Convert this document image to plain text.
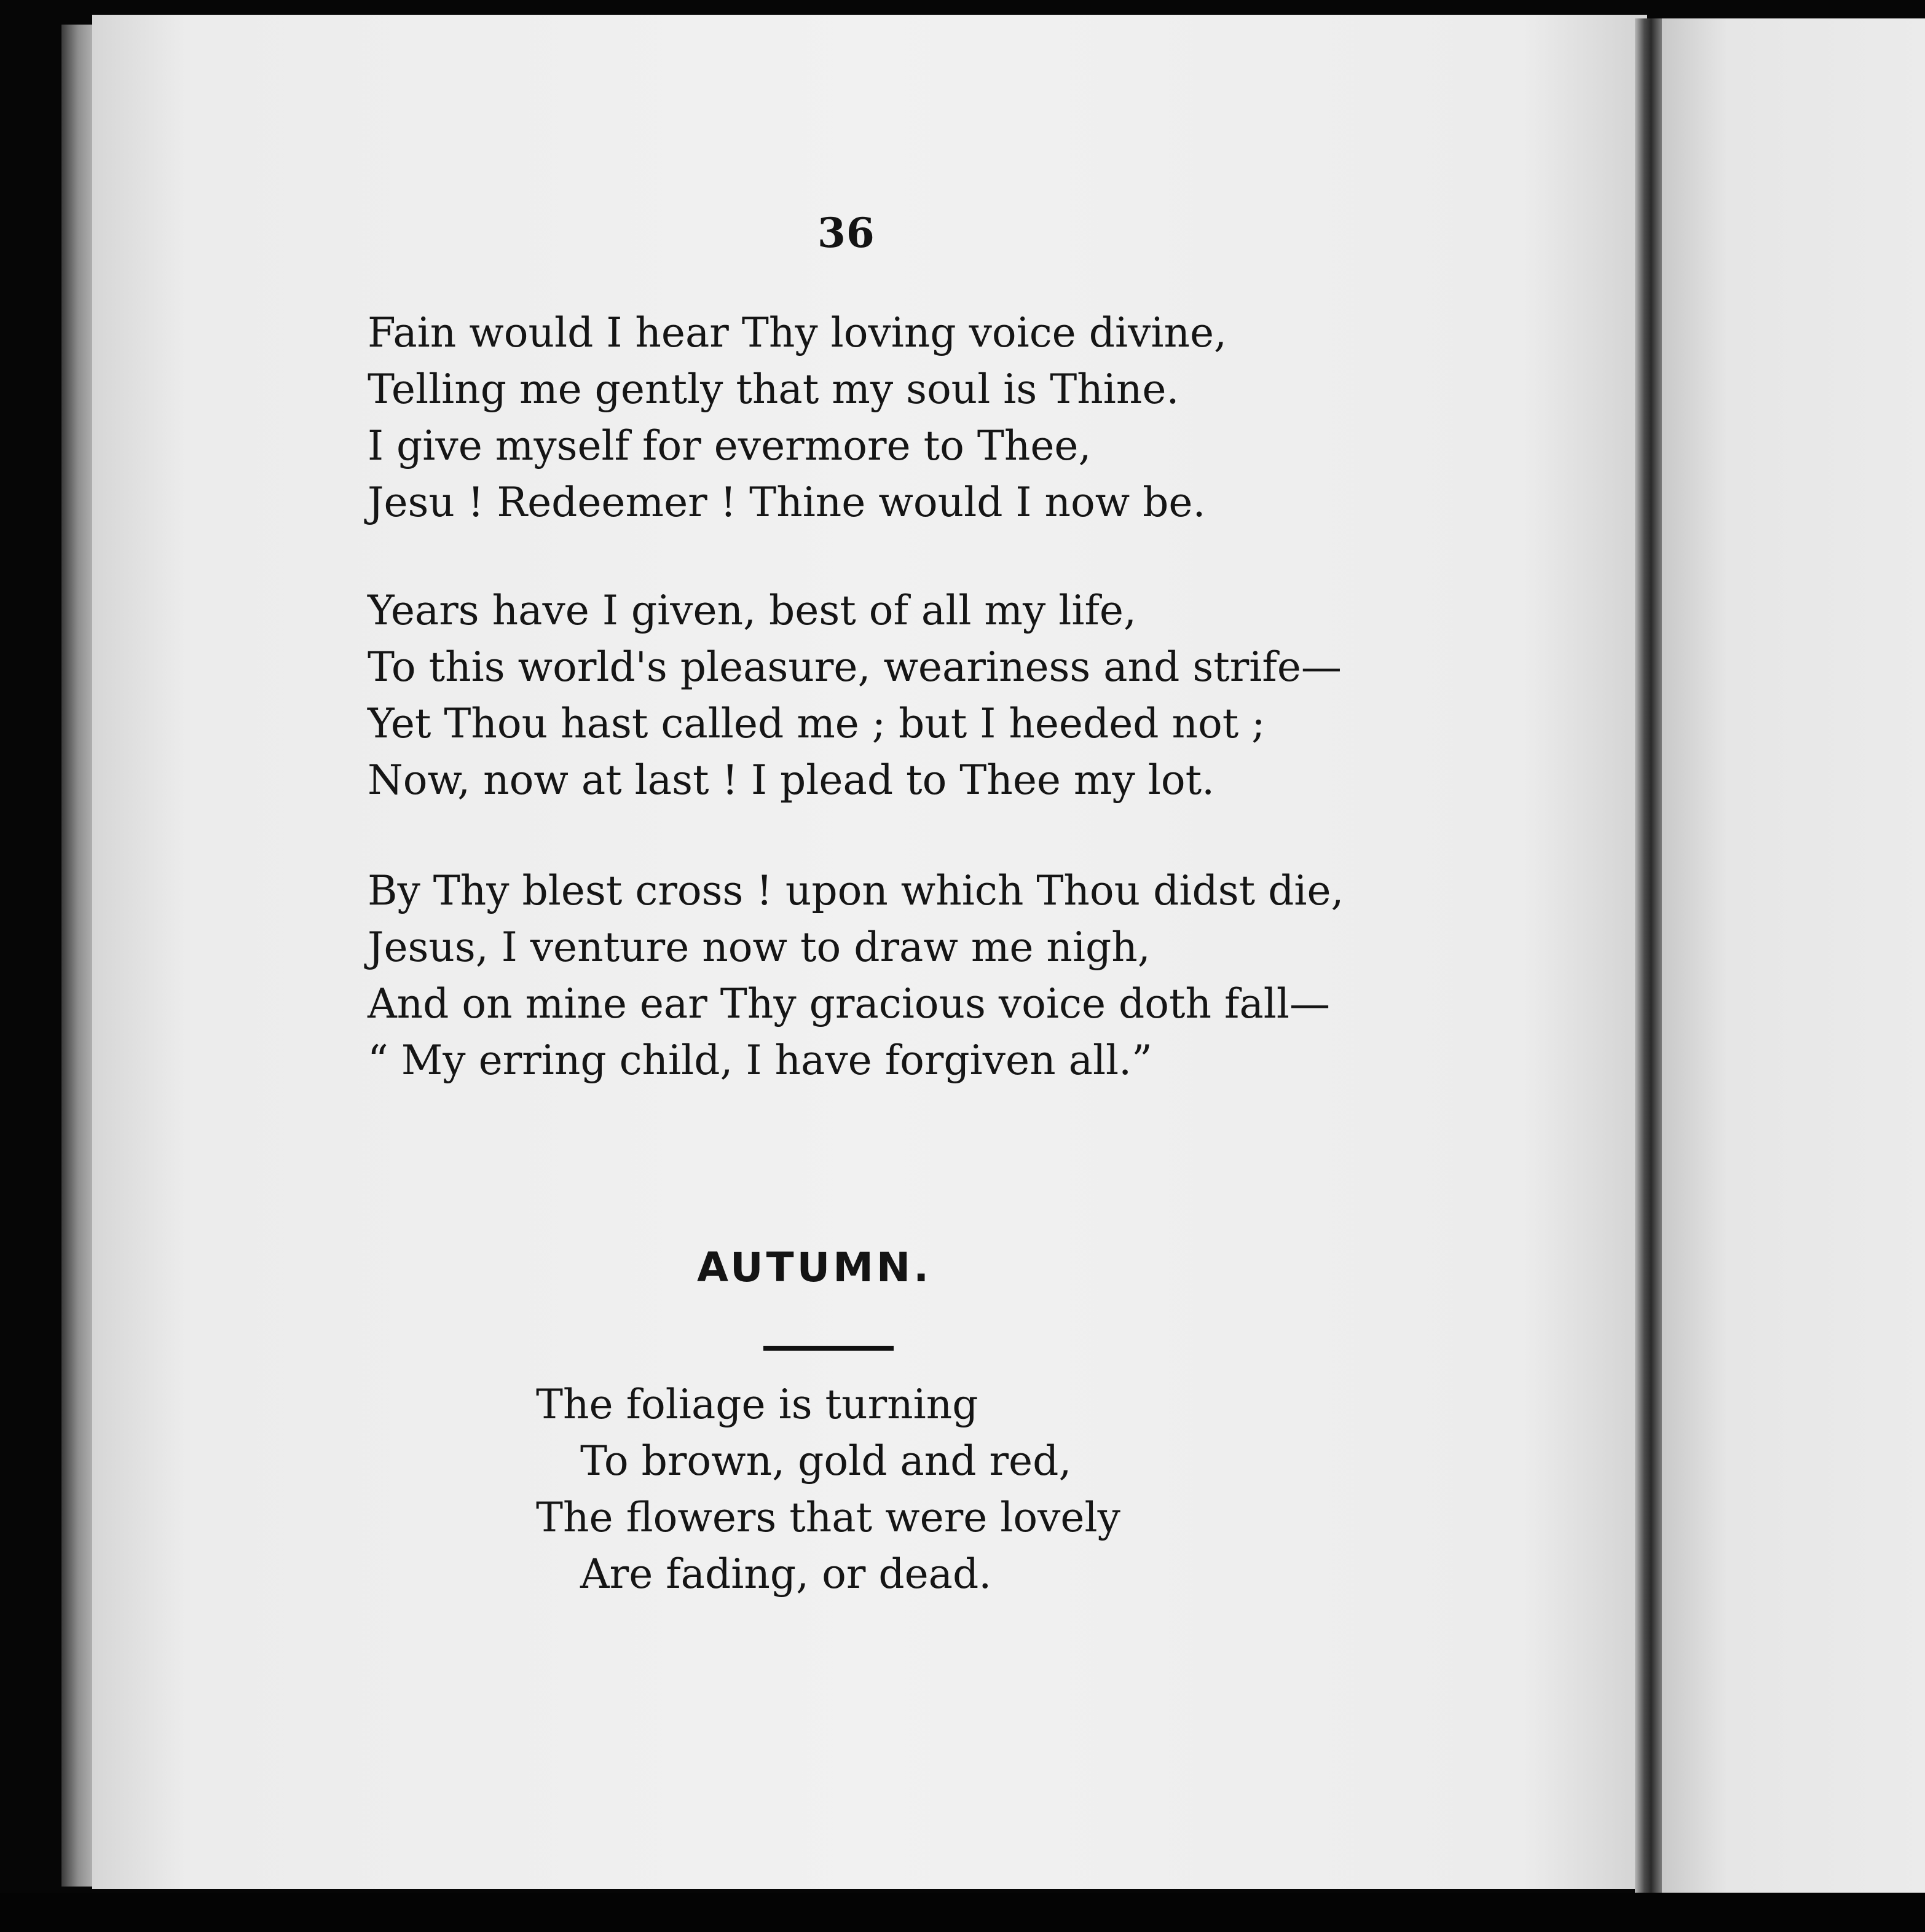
36
Fain would I hear Thy loving voice divine,
Telling me gently that my soul is Thine.
I give myself for evermore to Thee,
Jesu ! Redeemer ! Thine would I now be.
Years have I given, best of all my life,
To this world's pleasure, weariness and strife—
Yet Thou hast called me ; but I heeded not ;
Now, now at last ! I plead to Thee my lot.
By Thy blest cross ! upon which Thou didst die,
Jesus, I venture now to draw me nigh,
And on mine ear Thy gracious voice doth fall—
“ My erring child, I have forgiven all.”
AUTUMN.
The foliage is turning
To brown, gold and red,
The flowers that were lovely
Are fading, or dead.
